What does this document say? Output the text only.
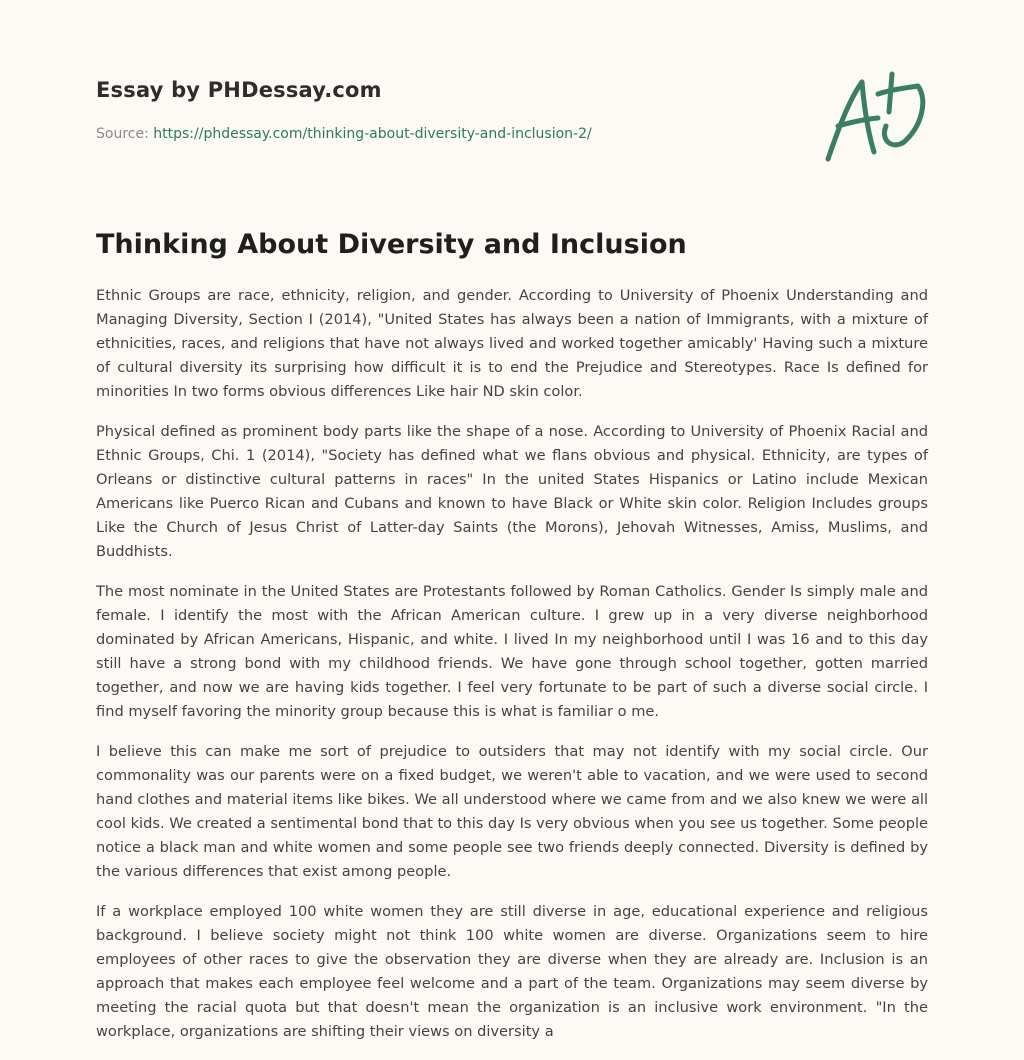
Essay by PHDessay.com
Source: https://phdessay.com/thinking-about-diversity-and-inclusion-2/
Thinking About Diversity and Inclusion

Ethnic Groups are race, ethnicity, religion, and gender. According to University of Phoenix Understanding and Managing Diversity, Section I (2014), "United States has always been a nation of Immigrants, with a mixture of ethnicities, races, and religions that have not always lived and worked together amicably' Having such a mixture of cultural diversity its surprising how difficult it is to end the Prejudice and Stereotypes. Race Is defined for minorities In two forms obvious differences Like hair ND skin color.

Physical defined as prominent body parts like the shape of a nose. According to University of Phoenix Racial and Ethnic Groups, Chi. 1 (2014), "Society has defined what we flans obvious and physical. Ethnicity, are types of Orleans or distinctive cultural patterns in races" In the united States Hispanics or Latino include Mexican Americans like Puerco Rican and Cubans and known to have Black or White skin color. Religion Includes groups Like the Church of Jesus Christ of Latter-day Saints (the Morons), Jehovah Witnesses, Amiss, Muslims, and Buddhists.

The most nominate in the United States are Protestants followed by Roman Catholics. Gender Is simply male and female. I identify the most with the African American culture. I grew up in a very diverse neighborhood dominated by African Americans, Hispanic, and white. I lived In my neighborhood until I was 16 and to this day still have a strong bond with my childhood friends. We have gone through school together, gotten married together, and now we are having kids together. I feel very fortunate to be part of such a diverse social circle. I find myself favoring the minority group because this is what is familiar o me.

I believe this can make me sort of prejudice to outsiders that may not identify with my social circle. Our commonality was our parents were on a fixed budget, we weren't able to vacation, and we were used to second hand clothes and material items like bikes. We all understood where we came from and we also knew we were all cool kids. We created a sentimental bond that to this day Is very obvious when you see us together. Some people notice a black man and white women and some people see two friends deeply connected. Diversity is defined by the various differences that exist among people.

If a workplace employed 100 white women they are still diverse in age, educational experience and religious background. I believe society might not think 100 white women are diverse. Organizations seem to hire employees of other races to give the observation they are diverse when they are already are. Inclusion is an approach that makes each employee feel welcome and a part of the team. Organizations may seem diverse by meeting the racial quota but that doesn't mean the organization is an inclusive work environment. "In the workplace, organizations are shifting their views on diversity a
